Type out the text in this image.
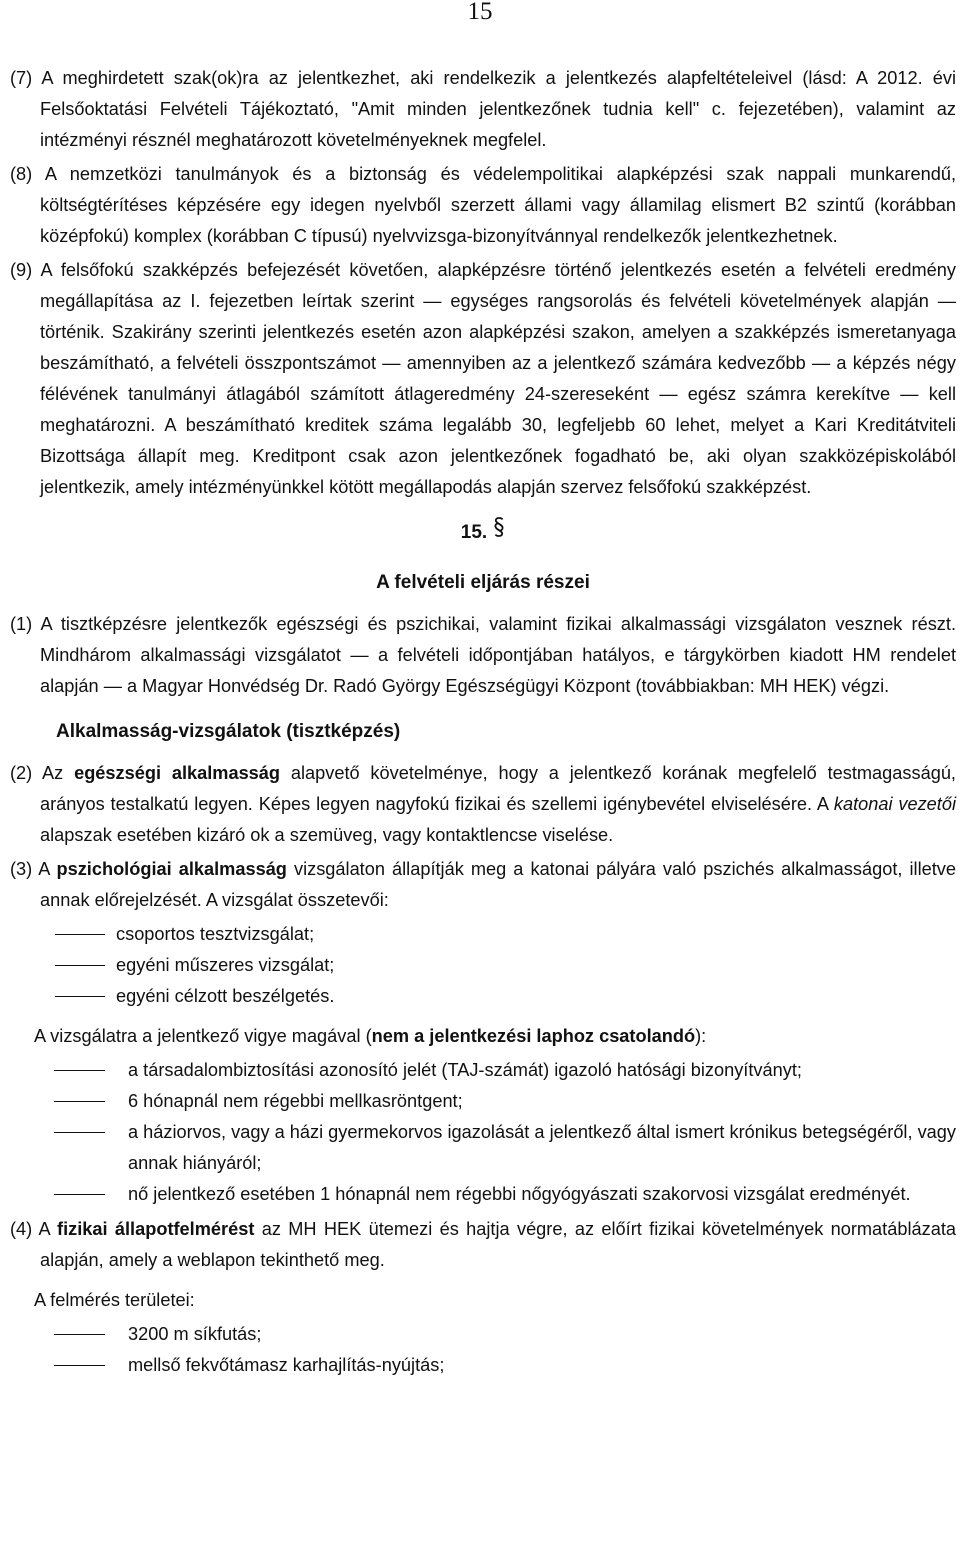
15

(7) A meghirdetett szak(ok)ra az jelentkezhet, aki rendelkezik a jelentkezés alapfeltételeivel (lásd: A 2012. évi Felsőoktatási Felvételi Tájékoztató, "Amit minden jelentkezőnek tudnia kell" c. fejezetében), valamint az intézményi résznél meghatározott követelményeknek megfelel.

(8) A nemzetközi tanulmányok és a biztonság és védelempolitikai alapképzési szak nappali munkarendű, költségtérítéses képzésére egy idegen nyelvből szerzett állami vagy államilag elismert B2 szintű (korábban középfokú) komplex (korábban C típusú) nyelvvizsga-bizonyítvánnyal rendelkezők jelentkezhetnek.

(9) A felsőfokú szakképzés befejezését követően, alapképzésre történő jelentkezés esetén a felvételi eredmény megállapítása az I. fejezetben leírtak szerint ― egységes rangsorolás és felvételi követelmények alapján ― történik. Szakirány szerinti jelentkezés esetén azon alapképzési szakon, amelyen a szakképzés ismeretanyaga beszámítható, a felvételi összpontszámot ― amennyiben az a jelentkező számára kedvezőbb ― a képzés négy félévének tanulmányi átlagából számított átlageredmény 24-szereseként ― egész számra kerekítve ― kell meghatározni. A beszámítható kreditek száma legalább 30, legfeljebb 60 lehet, melyet a Kari Kreditátviteli Bizottsága állapít meg. Kreditpont csak azon jelentkezőnek fogadható be, aki olyan szakközépiskolából jelentkezik, amely intézményünkkel kötött megállapodás alapján szervez felsőfokú szakképzést.

15.
A felvételi eljárás részei

(1) A tisztképzésre jelentkezők egészségi és pszichikai, valamint fizikai alkalmassági vizsgálaton vesznek részt. Mindhárom alkalmassági vizsgálatot ― a felvételi időpontjában hatályos, e tárgykörben kiadott HM rendelet alapján ― a Magyar Honvédség Dr. Radó György Egészségügyi Központ (továbbiakban: MH HEK) végzi.

Alkalmasság-vizsgálatok (tisztképzés)

(2) Az egészségi alkalmasság alapvető követelménye, hogy a jelentkező korának megfelelő testmagasságú, arányos testalkatú legyen. Képes legyen nagyfokú fizikai és szellemi igénybevétel elviselésére. A katonai vezetői alapszak esetében kizáró ok a szemüveg, vagy kontaktlencse viselése.

(3) A pszichológiai alkalmasság vizsgálaton állapítják meg a katonai pályára való pszichés alkalmasságot, illetve annak előrejelzését. A vizsgálat összetevői:

csoportos tesztvizsgálat;
egyéni műszeres vizsgálat;
egyéni célzott beszélgetés.

A vizsgálatra a jelentkező vigye magával (nem a jelentkezési laphoz csatolandó):

a társadalombiztosítási azonosító jelét (TAJ-számát) igazoló hatósági bizonyítványt;
6 hónapnál nem régebbi mellkasröntgent;
a háziorvos, vagy a házi gyermekorvos igazolását a jelentkező által ismert krónikus betegségéről, vagy annak hiányáról;
nő jelentkező esetében 1 hónapnál nem régebbi nőgyógyászati szakorvosi vizsgálat eredményét.

(4) A fizikai állapotfelmérést az MH HEK ütemezi és hajtja végre, az előírt fizikai követelmények normatáblázata alapján, amely a weblapon tekinthető meg.

A felmérés területei:

3200 m síkfutás;
mellső fekvőtámasz karhajlítás-nyújtás;
